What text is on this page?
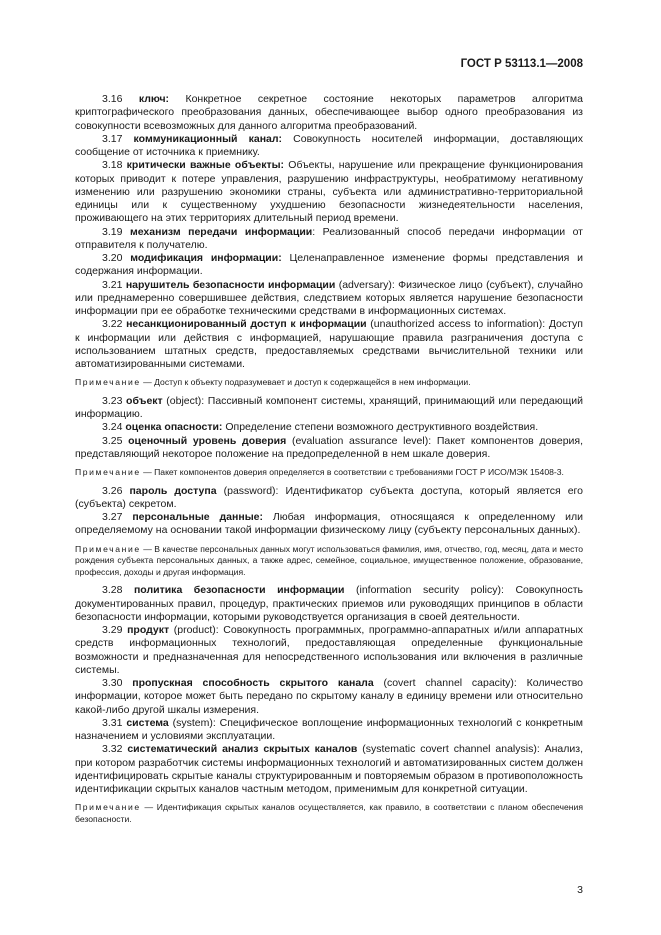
ГОСТ Р 53113.1—2008

3.16 ключ: Конкретное секретное состояние некоторых параметров алгоритма криптографического преобразования данных, обеспечивающее выбор одного преобразования из совокупности всевозможных для данного алгоритма преобразований.

3.17 коммуникационный канал: Совокупность носителей информации, доставляющих сообщение от источника к приемнику.

3.18 критически важные объекты: Объекты, нарушение или прекращение функционирования которых приводит к потере управления, разрушению инфраструктуры, необратимому негативному изменению или разрушению экономики страны, субъекта или административно-территориальной единицы или к существенному ухудшению безопасности жизнедеятельности населения, проживающего на этих территориях длительный период времени.

3.19 механизм передачи информации: Реализованный способ передачи информации от отправителя к получателю.

3.20 модификация информации: Целенаправленное изменение формы представления и содержания информации.

3.21 нарушитель безопасности информации (adversary): Физическое лицо (субъект), случайно или преднамеренно совершившее действия, следствием которых является нарушение безопасности информации при ее обработке техническими средствами в информационных системах.

3.22 несанкционированный доступ к информации (unauthorized access to information): Доступ к информации или действия с информацией, нарушающие правила разграничения доступа с использованием штатных средств, предоставляемых средствами вычислительной техники или автоматизированными системами.

Примечание — Доступ к объекту подразумевает и доступ к содержащейся в нем информации.

3.23 объект (object): Пассивный компонент системы, хранящий, принимающий или передающий информацию.

3.24 оценка опасности: Определение степени возможного деструктивного воздействия.

3.25 оценочный уровень доверия (evaluation assurance level): Пакет компонентов доверия, представляющий некоторое положение на предопределенной в нем шкале доверия.

Примечание — Пакет компонентов доверия определяется в соответствии с требованиями ГОСТ Р ИСО/МЭК 15408-3.

3.26 пароль доступа (password): Идентификатор субъекта доступа, который является его (субъекта) секретом.

3.27 персональные данные: Любая информация, относящаяся к определенному или определяемому на основании такой информации физическому лицу (субъекту персональных данных).

Примечание — В качестве персональных данных могут использоваться фамилия, имя, отчество, год, месяц, дата и место рождения субъекта персональных данных, а также адрес, семейное, социальное, имущественное положение, образование, профессия, доходы и другая информация.

3.28 политика безопасности информации (information security policy): Совокупность документированных правил, процедур, практических приемов или руководящих принципов в области безопасности информации, которыми руководствуется организация в своей деятельности.

3.29 продукт (product): Совокупность программных, программно-аппаратных и/или аппаратных средств информационных технологий, предоставляющая определенные функциональные возможности и предназначенная для непосредственного использования или включения в различные системы.

3.30 пропускная способность скрытого канала (covert channel capacity): Количество информации, которое может быть передано по скрытому каналу в единицу времени или относительно какой-либо другой шкалы измерения.

3.31 система (system): Специфическое воплощение информационных технологий с конкретным назначением и условиями эксплуатации.

3.32 систематический анализ скрытых каналов (systematic covert channel analysis): Анализ, при котором разработчик системы информационных технологий и автоматизированных систем должен идентифицировать скрытые каналы структурированным и повторяемым образом в противоположность идентификации скрытых каналов частным методом, применимым для конкретной ситуации.

Примечание — Идентификация скрытых каналов осуществляется, как правило, в соответствии с планом обеспечения безопасности.

3
